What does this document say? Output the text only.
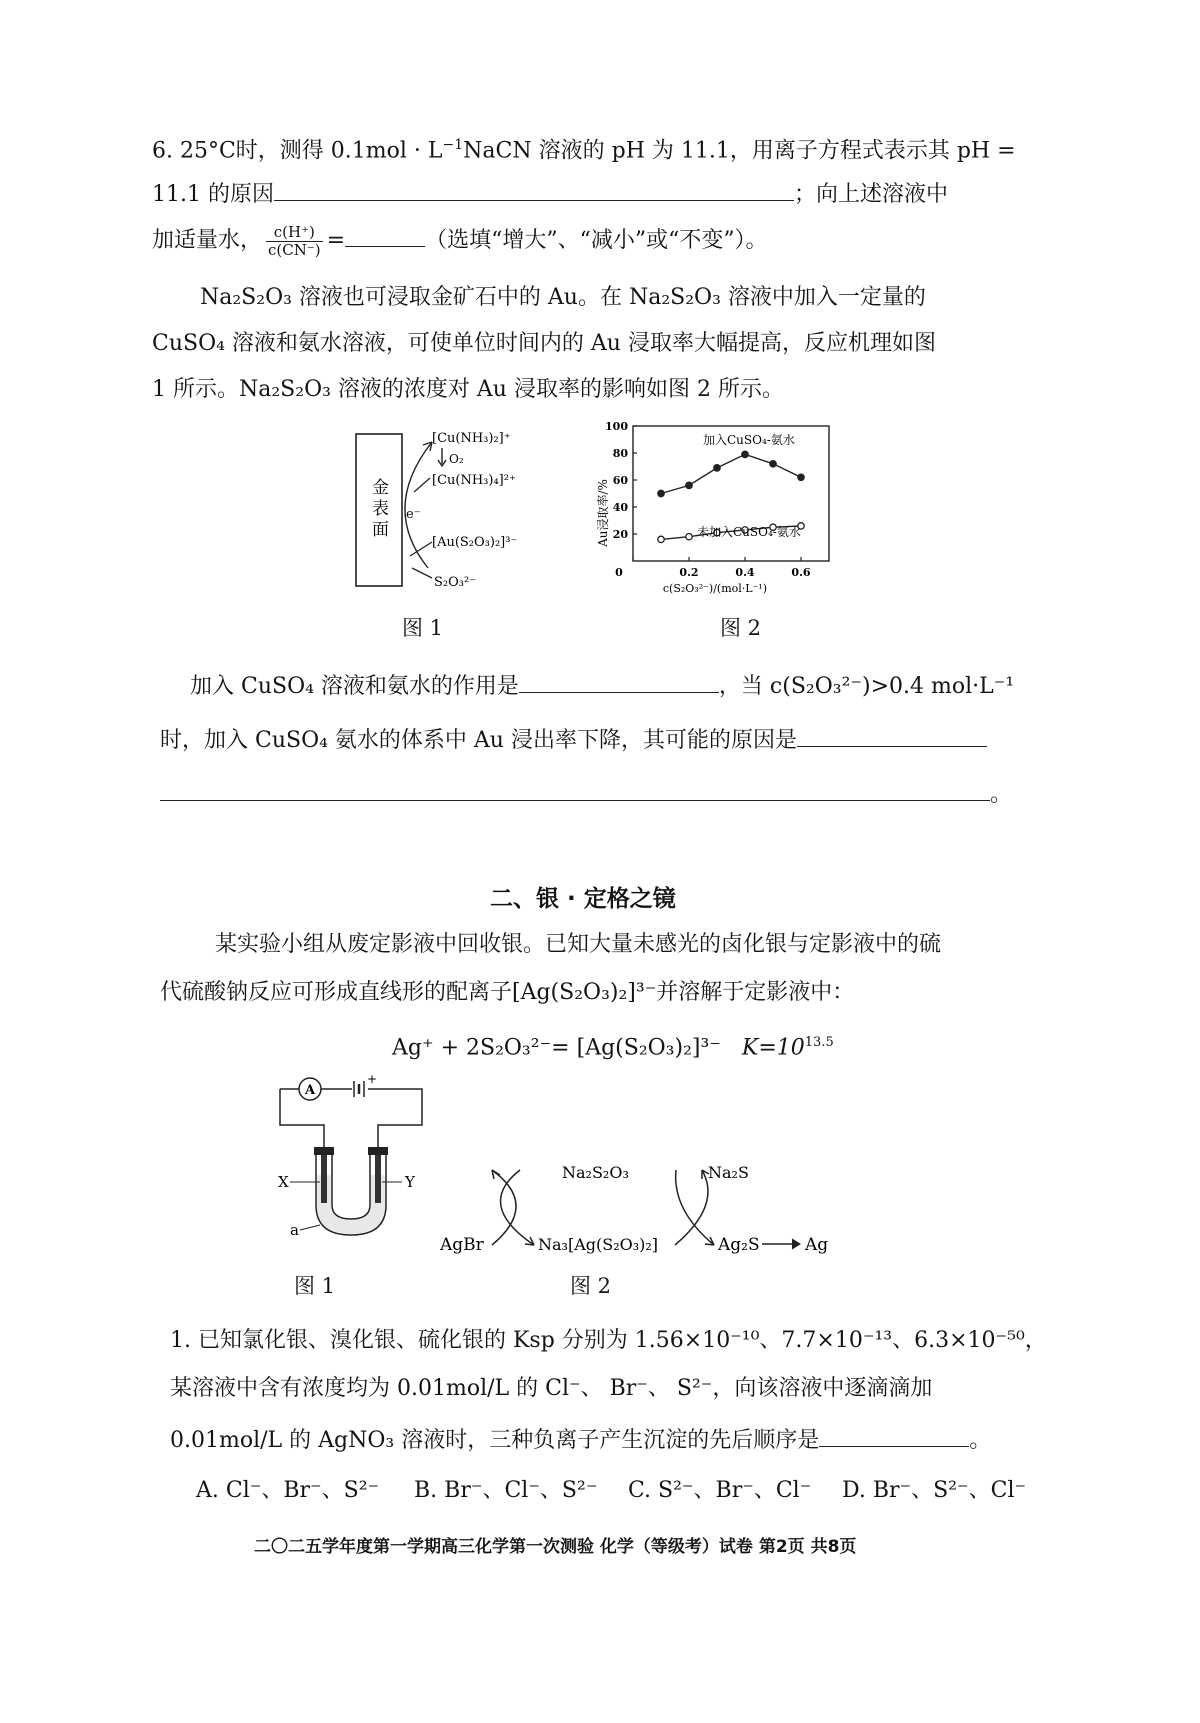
6. 25°C时，测得 $0.1mol \cdot L^{-1}NaCN$ 溶液的 pH 为 11.1，用离子方程式表示其 pH =
11.1 的原因	；向上述溶液中
加适量水， $\frac{c(H^+)}{c(CN^-)}$ =	（选填“增大”、“减小”或“不变”）。
Na₂S₂O₃ 溶液也可浸取金矿石中的 Au。在 Na₂S₂O₃ 溶液中加入一定量的
CuSO₄ 溶液和氨水溶液，可使单位时间内的 Au 浸取率大幅提高，反应机理如图
1 所示。Na₂S₂O₃ 溶液的浓度对 Au 浸取率的影响如图 2 所示。
金
表
面
e⁻
[Cu(NH₃)₂]⁺
O₂
[Cu(NH₃)₄]²⁺
[Au(S₂O₃)₂]³⁻
S₂O₃²⁻
图 1
Au浸取率/%
c(S₂O₃²⁻)/(mol·L⁻¹)
20
40
60
80
100
0	0.2	0.4	0.6
加入CuSO₄-氨水
未加入CuSO₄-氨水
图 2
加入 CuSO₄ 溶液和氨水的作用是	，当 c(S₂O₃²⁻)>0.4 mol·L⁻¹
时，加入 CuSO₄ 氨水的体系中 Au 浸出率下降，其可能的原因是
。
二、银 · 定格之镜
某实验小组从废定影液中回收银。已知大量未感光的卤化银与定影液中的硫
代硫酸钠反应可形成直线形的配离子[Ag(S₂O₃)₂]³⁻并溶解于定影液中：
Ag⁺ + 2S₂O₃²⁻= [Ag(S₂O₃)₂]³⁻ $K=10^{13.5}$
A
+
X	Y
a
图 1
Na₂S₂O₃	Na₂S
AgBr	Na₃[Ag(S₂O₃)₂]	Ag₂S	Ag
图 2
1. 已知氯化银、溴化银、硫化银的 Ksp 分别为 1.56×10⁻¹⁰、7.7×10⁻¹³、6.3×10⁻⁵⁰，
某溶液中含有浓度均为 0.01mol/L 的 Cl⁻、 Br⁻、 S²⁻，向该溶液中逐滴滴加
0.01mol/L 的 AgNO₃ 溶液时，三种负离子产生沉淀的先后顺序是	。
A. Cl⁻、Br⁻、S²⁻ B. Br⁻、Cl⁻、S²⁻ C. S²⁻、Br⁻、Cl⁻ D. Br⁻、S²⁻、Cl⁻
二〇二五学年度第一学期高三化学第一次测验 化学（等级考）试卷 第2页 共8页
